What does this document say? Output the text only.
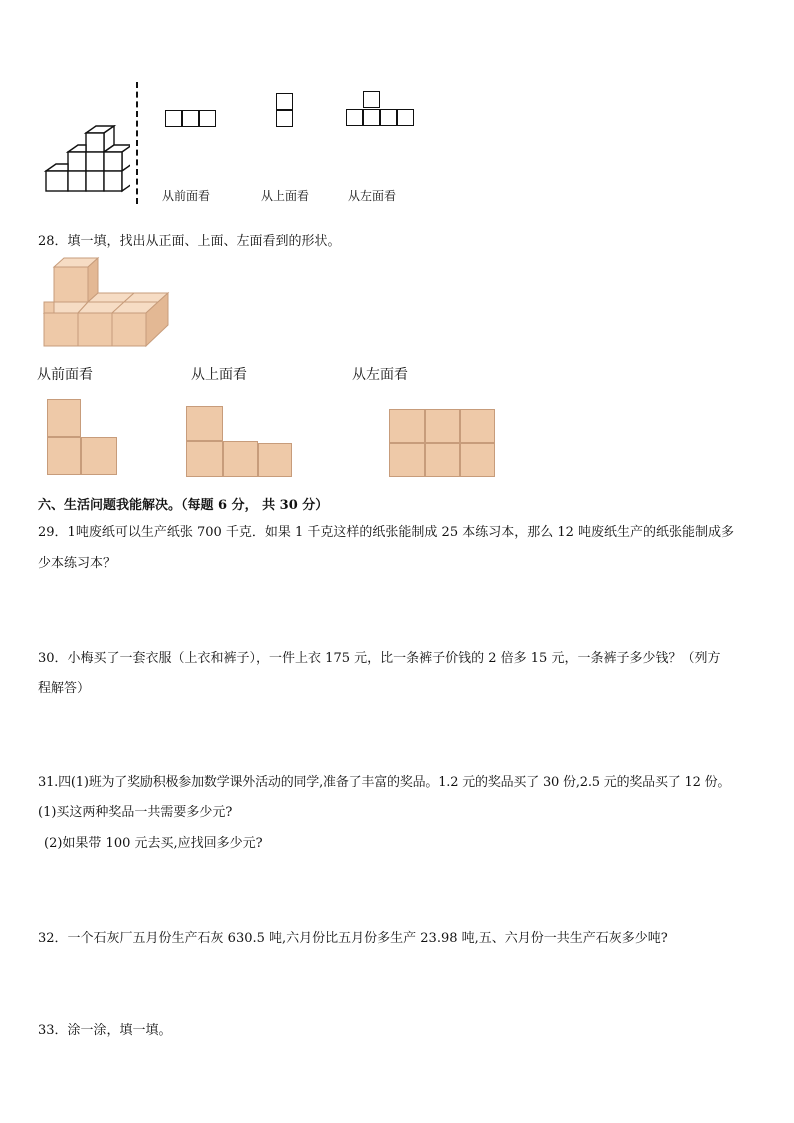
从前面看	从上面看	从左面看
28．填一填，找出从正面、上面、左面看到的形状。
从前面看	从上面看	从左面看
六、生活问题我能解决。（每题 6 分， 共 30 分）
29．1吨废纸可以生产纸张 700 千克．如果 1 千克这样的纸张能制成 25 本练习本，那么 12 吨废纸生产的纸张能制成多
少本练习本？
30．小梅买了一套衣服（上衣和裤子），一件上衣 175 元，比一条裤子价钱的 2 倍多 15 元，一条裤子多少钱？（列方
程解答）
31.四(1)班为了奖励积极参加数学课外活动的同学,准备了丰富的奖品。1.2 元的奖品买了 30 份,2.5 元的奖品买了 12 份。
(1)买这两种奖品一共需要多少元?
(2)如果带 100 元去买,应找回多少元?
32．一个石灰厂五月份生产石灰 630.5 吨,六月份比五月份多生产 23.98 吨,五、六月份一共生产石灰多少吨?
33．涂一涂，填一填。
